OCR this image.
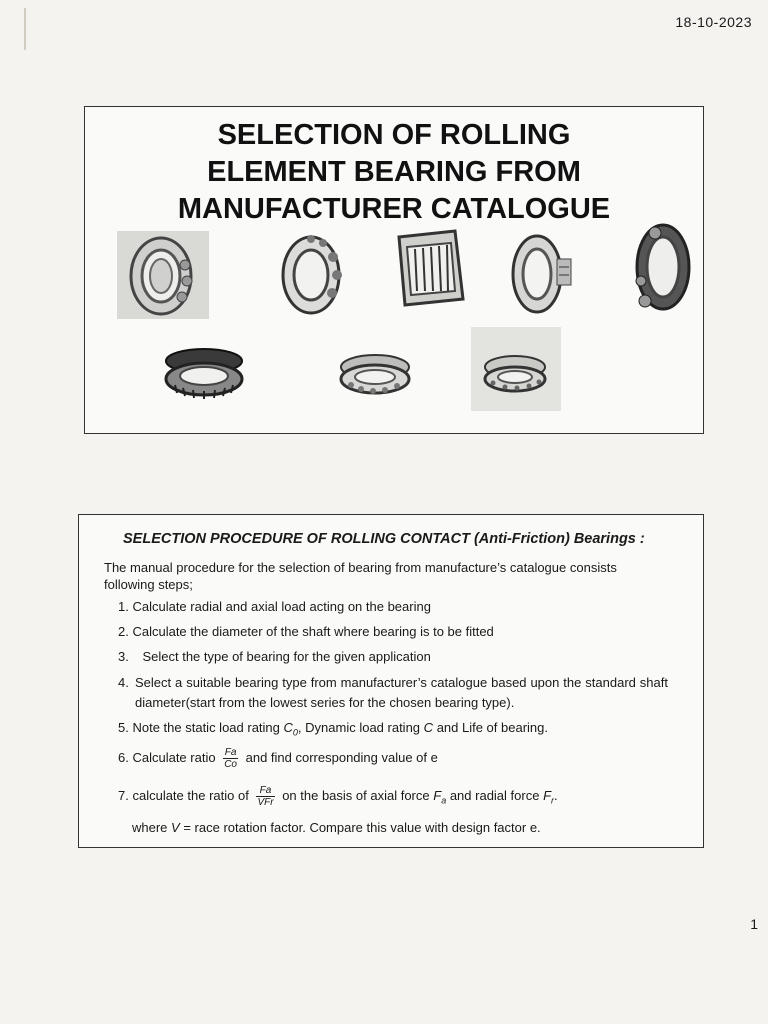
18-10-2023
SELECTION OF ROLLING
ELEMENT BEARING FROM
MANUFACTURER CATALOGUE
SELECTION PROCEDURE OF ROLLING CONTACT (Anti-Friction) Bearings :
The manual procedure for the selection of bearing from manufacture’s catalogue consists following steps;
1. Calculate radial and axial load acting on the bearing
2. Calculate the diameter of the shaft where bearing is to be fitted
3. Select the type of bearing for the given application
4. Select a suitable bearing type from manufacturer’s catalogue based upon the standard shaft diameter(start from the lowest series for the chosen bearing type).
5. Note the static load rating $C_0$, Dynamic load rating C and Life of bearing.
6. Calculate ratio $\frac{Fa}{Co}$ and find corresponding value of e
7. calculate the ratio of $\frac{Fa}{\text{VFr}}$ on the basis of axial force $F_a$ and radial force $F_r$.
where V = race rotation factor. Compare this value with design factor e.
1
